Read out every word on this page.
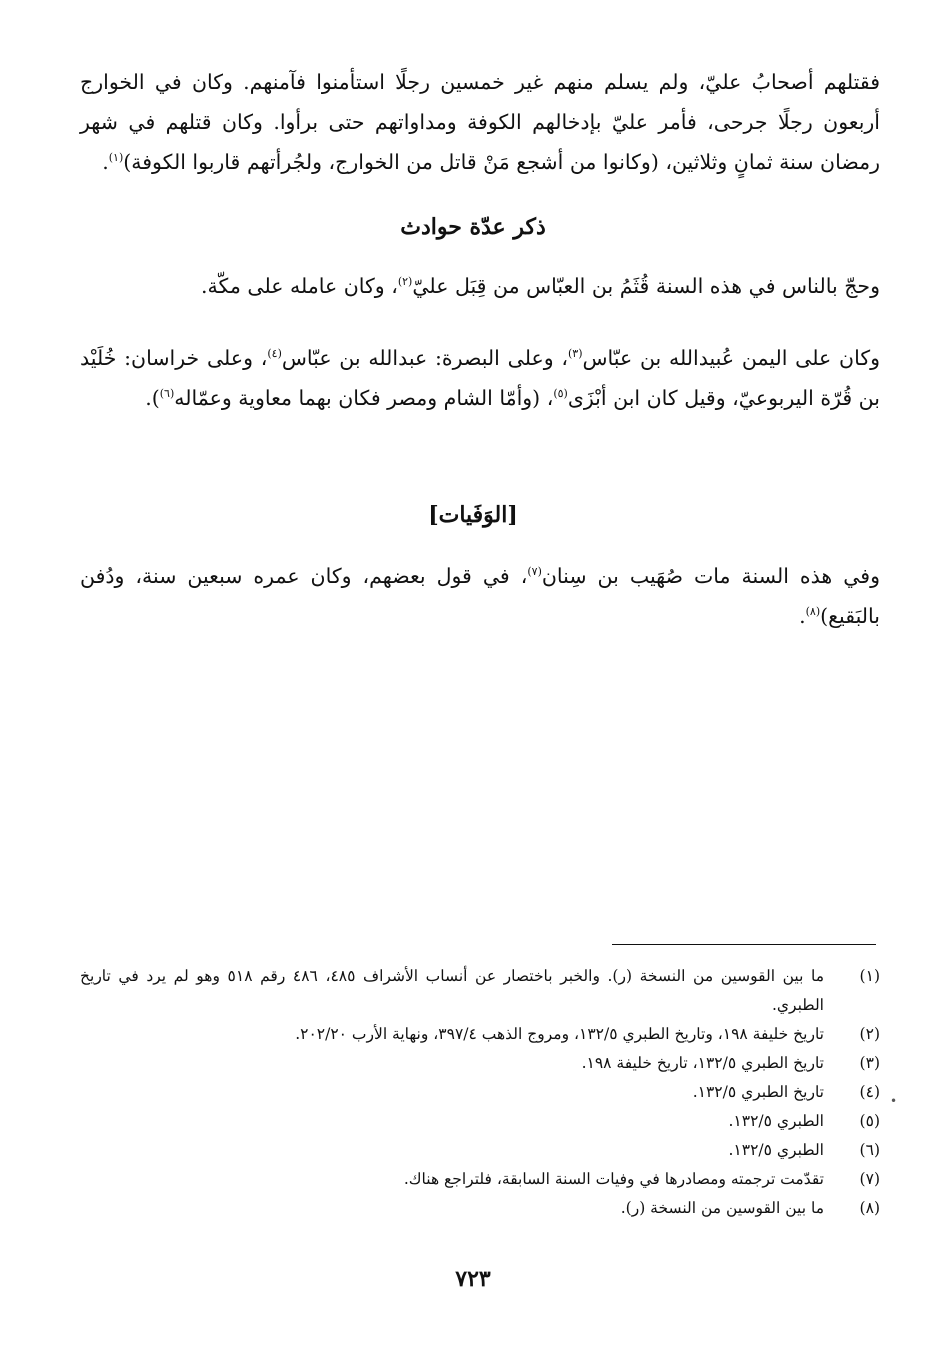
فقتلهم أصحابُ عليّ، ولم يسلم منهم غير خمسين رجلًا استأمنوا فآمنهم. وكان في الخوارج أربعون رجلًا جرحى، فأمر عليّ بإدخالهم الكوفة ومداواتهم حتى برأوا. وكان قتلهم في شهر رمضان سنة ثمانٍ وثلاثين، (وكانوا من أشجع مَنْ قاتل من الخوارج، ولجُرأتهم قاربوا الكوفة)$^{(١)}$.

ذكر عدّة حوادث

وحجّ بالناس في هذه السنة قُثَمُ بن العبّاس من قِبَل عليّ$^{(٢)}$، وكان عامله على مكّة.

وكان على اليمن عُبيدالله بن عبّاس$^{(٣)}$، وعلى البصرة: عبدالله بن عبّاس$^{(٤)}$، وعلى خراسان: خُلَيْد بن قُرّة اليربوعيّ، وقيل كان ابن أبْزَى$^{(٥)}$، (وأمّا الشام ومصر فكان بهما معاوية وعمّاله$^{(٦)}$).

[الوَفَيات]

وفي هذه السنة مات صُهَيب بن سِنان$^{(٧)}$، في قول بعضهم، وكان عمره سبعين سنة، ودُفن بالبَقيع)$^{(٨)}$.

(١)
ما بين القوسين من النسخة (ر). والخبر باختصار عن أنساب الأشراف ٤٨٥، ٤٨٦ رقم ٥١٨ وهو لم يرد في تاريخ الطبري.
(٢)
تاريخ خليفة ١٩٨، وتاريخ الطبري ١٣٢/٥، ومروج الذهب ٣٩٧/٤، ونهاية الأرب ٢٠٢/٢٠.
(٣)
تاريخ الطبري ١٣٢/٥، تاريخ خليفة ١٩٨.
(٤)
تاريخ الطبري ١٣٢/٥.
(٥)
الطبري ١٣٢/٥.
(٦)
الطبري ١٣٢/٥.
(٧)
تقدّمت ترجمته ومصادرها في وفيات السنة السابقة، فلتراجع هناك.
(٨)
ما بين القوسين من النسخة (ر).
•
٧٢٣
